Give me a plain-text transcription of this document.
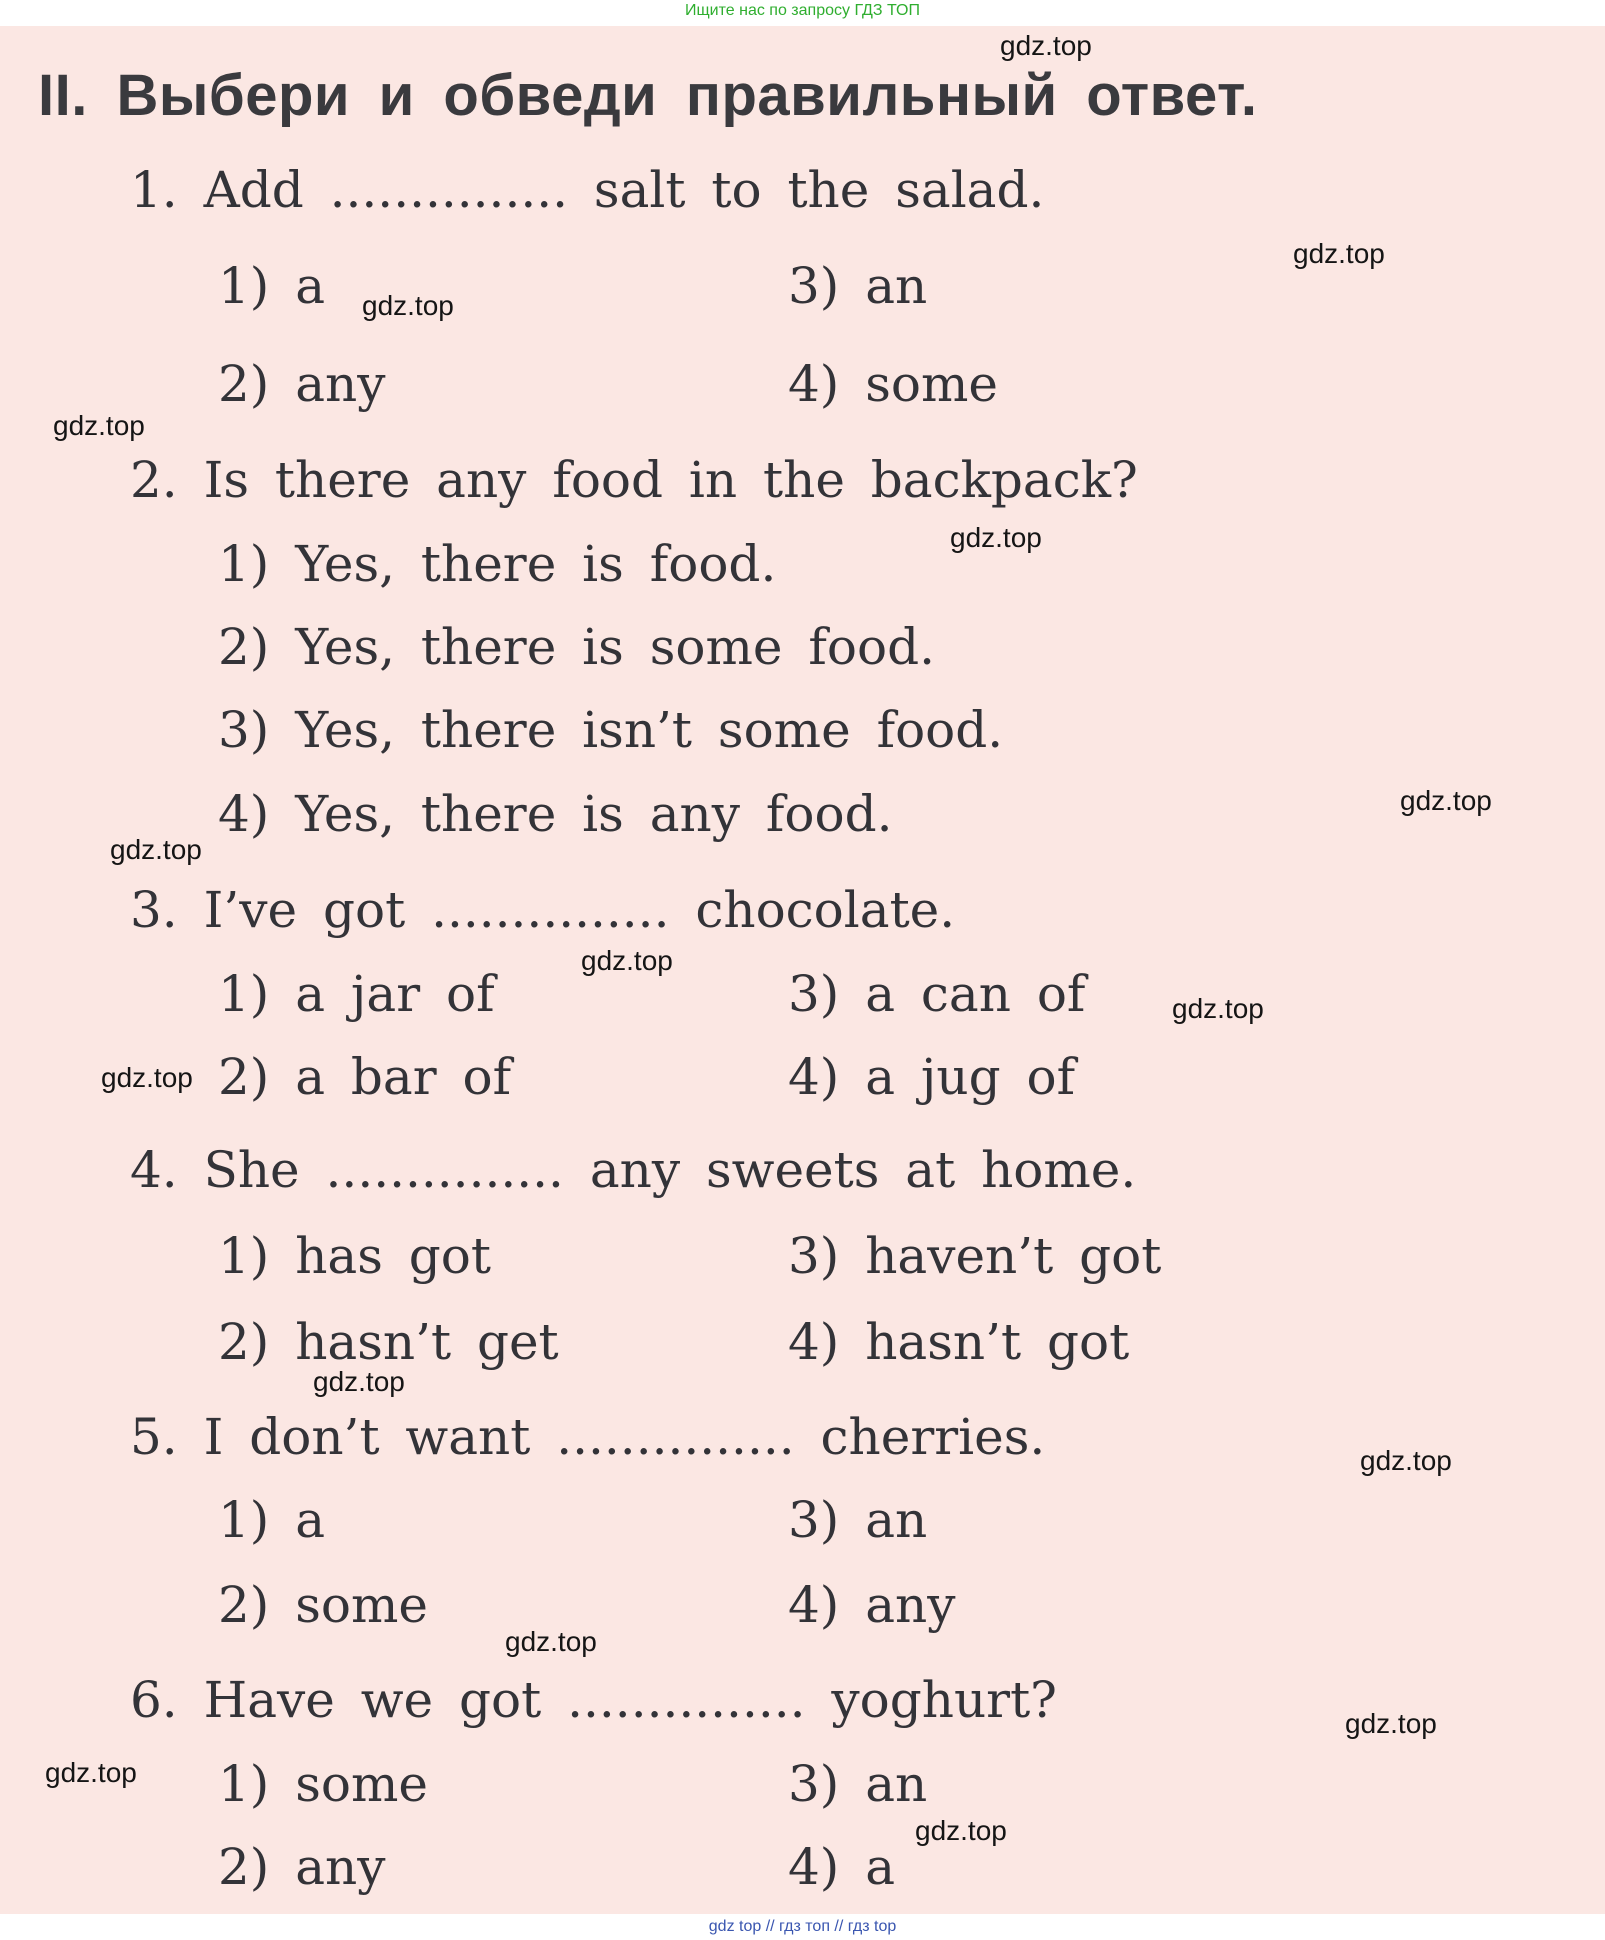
Ищите нас по запросу ГДЗ ТОП
II. Выбери и обведи правильный ответ.
1. Add ............... salt to the salad.
1) a
2) any
3) an
4) some
2. Is there any food in the backpack?
1) Yes, there is food.
2) Yes, there is some food.
3) Yes, there isn’t some food.
4) Yes, there is any food.
3. I’ve got ............... chocolate.
1) a jar of
2) a bar of
3) a can of
4) a jug of
4. She ............... any sweets at home.
1) has got
2) hasn’t get
3) haven’t got
4) hasn’t got
5. I don’t want ............... cherries.
1) a
2) some
3) an
4) any
6. Have we got ............... yoghurt?
1) some
2) any
3) an
4) a
gdz.top
gdz.top
gdz.top
gdz.top
gdz.top
gdz.top
gdz.top
gdz.top
gdz.top
gdz.top
gdz.top
gdz.top
gdz.top
gdz.top
gdz.top
gdz.top
gdz top // гдз топ // гдз top
